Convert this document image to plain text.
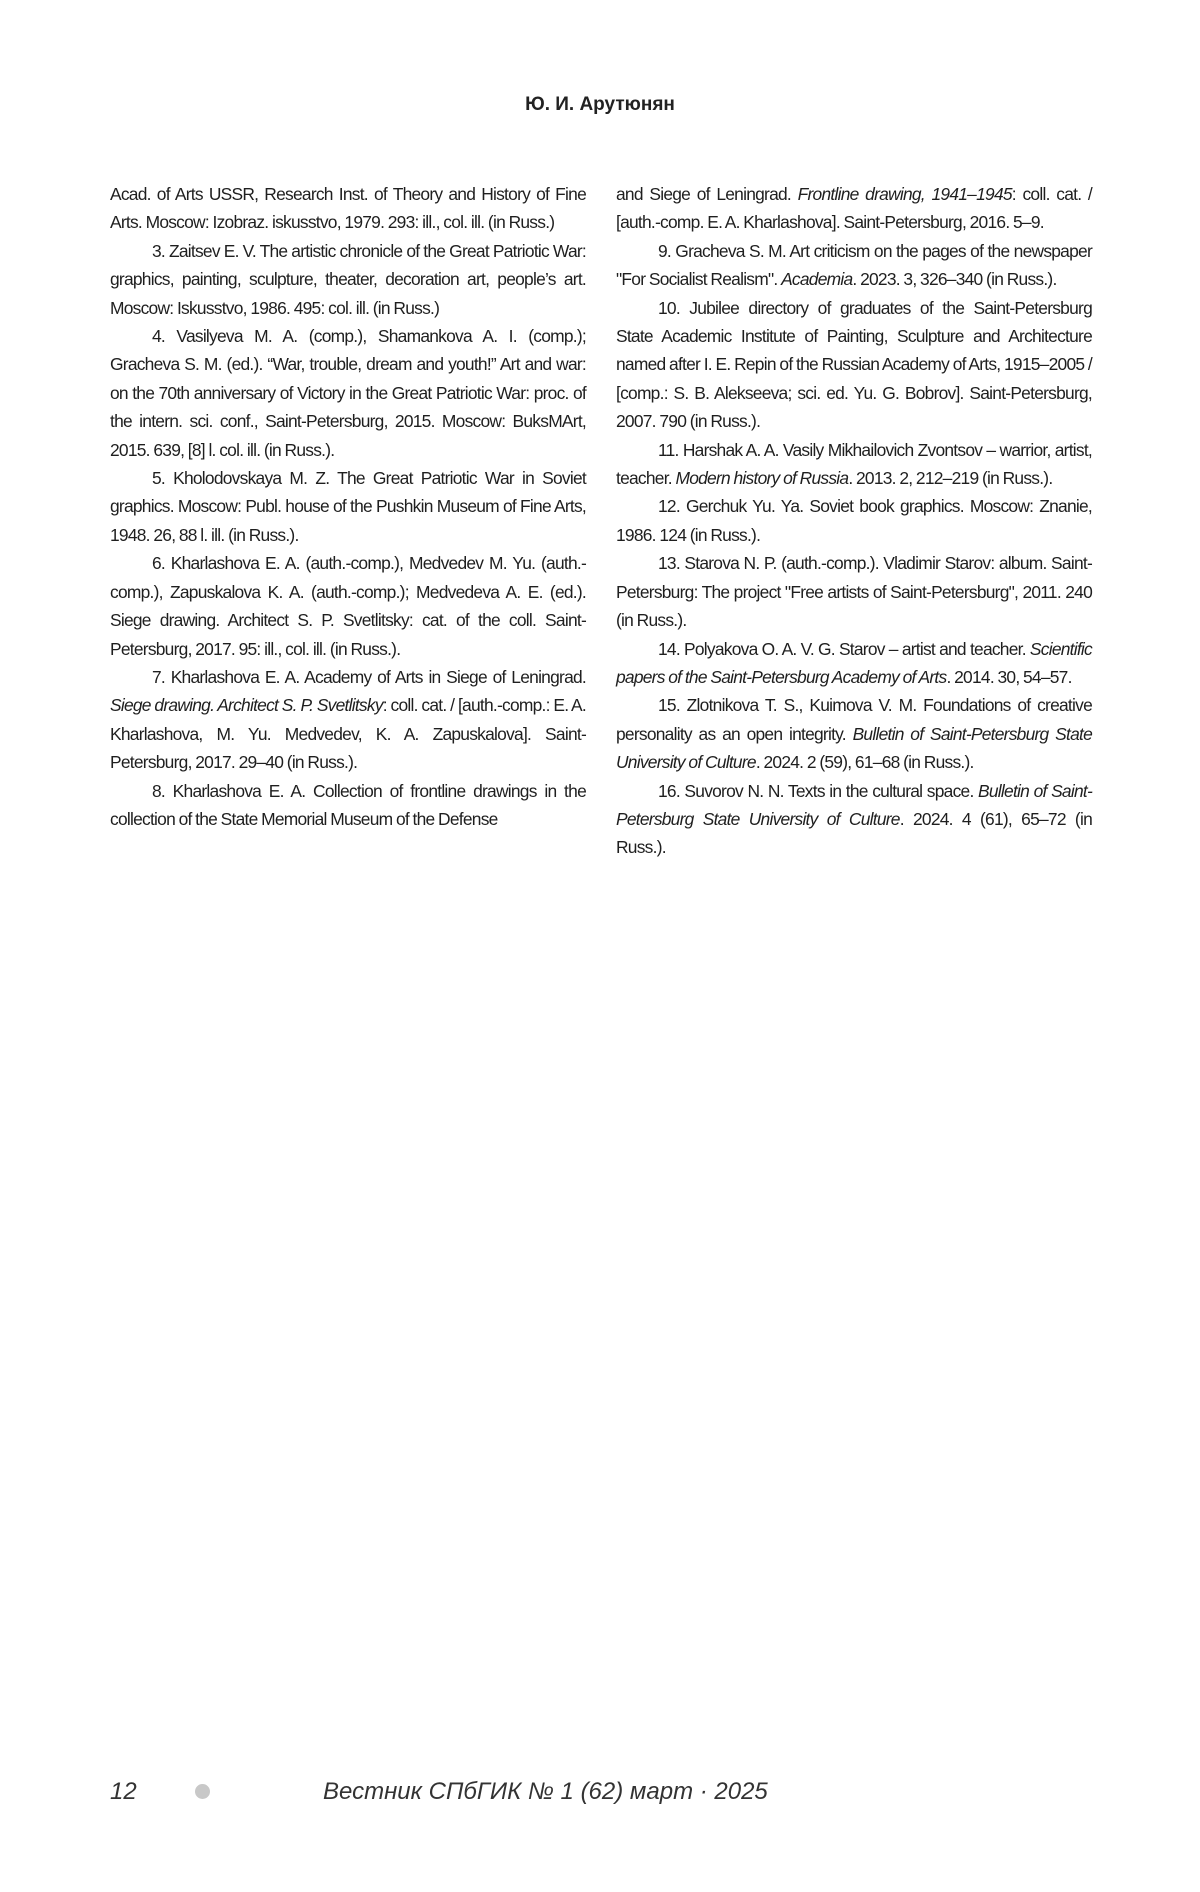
Ю. И. Арутюнян

Acad. of Arts USSR, Research Inst. of Theory and History of Fine Arts. Moscow: Izobraz. iskusstvo, 1979. 293: ill., col. ill. (in Russ.)

3. Zaitsev E. V. The artistic chronicle of the Great Patriotic War: graphics, painting, sculpture, theater, decoration art, people’s art. Moscow: Iskusstvo, 1986. 495: col. ill. (in Russ.)

4. Vasilyeva M. A. (comp.), Shamankova A. I. (comp.); Gracheva S. M. (ed.). “War, trouble, dream and youth!” Art and war: on the 70th anniversary of Victory in the Great Patriotic War: proc. of the intern. sci. conf., Saint-Petersburg, 2015. Moscow: BuksMArt, 2015. 639, [8] l. col. ill. (in Russ.).

5. Kholodovskaya M. Z. The Great Patriotic War in Soviet graphics. Moscow: Publ. house of the Pushkin Museum of Fine Arts, 1948. 26, 88 l. ill. (in Russ.).

6. Kharlashova E. A. (auth.-comp.), Medvedev M. Yu. (auth.-comp.), Zapuskalova K. A. (auth.-comp.); Medvedeva A. E. (ed.). Siege drawing. Architect S. P. Svetlitsky: cat. of the coll. Saint-Petersburg, 2017. 95: ill., col. ill. (in Russ.).

7. Kharlashova E. A. Academy of Arts in Siege of Leningrad. Siege drawing. Architect S. P. Svetlitsky: coll. cat. / [auth.-comp.: E. A. Kharlashova, M. Yu. Medvedev, K. A. Zapuskalova]. Saint-Petersburg, 2017. 29–40 (in Russ.).

8. Kharlashova E. A. Collection of frontline drawings in the collection of the State Memorial Museum of the Defense

and Siege of Leningrad. Frontline drawing, 1941–1945: coll. cat. / [auth.-comp. E. A. Kharlashova]. Saint-Petersburg, 2016. 5–9.

9. Gracheva S. M. Art criticism on the pages of the newspaper "For Socialist Realism". Academia. 2023. 3, 326–340 (in Russ.).

10. Jubilee directory of graduates of the Saint-Petersburg State Academic Institute of Painting, Sculpture and Architecture named after I. E. Repin of the Russian Academy of Arts, 1915–2005 / [comp.: S. B. Alekseeva; sci. ed. Yu. G. Bobrov]. Saint-Petersburg, 2007. 790 (in Russ.).

11. Harshak A. A. Vasily Mikhailovich Zvontsov – warrior, artist, teacher. Modern history of Russia. 2013. 2, 212–219 (in Russ.).

12. Gerchuk Yu. Ya. Soviet book graphics. Moscow: Znanie, 1986. 124 (in Russ.).

13. Starova N. P. (auth.-comp.). Vladimir Starov: album. Saint-Petersburg: The project "Free artists of Saint-Petersburg", 2011. 240 (in Russ.).

14. Polyakova O. A. V. G. Starov – artist and teacher. Scientific papers of the Saint-Petersburg Academy of Arts. 2014. 30, 54–57.

15. Zlotnikova T. S., Kuimova V. M. Foundations of creative personality as an open integrity. Bulletin of Saint-Petersburg State University of Culture. 2024. 2 (59), 61–68 (in Russ.).

16. Suvorov N. N. Texts in the cultural space. Bulletin of Saint-Petersburg State University of Culture. 2024. 4 (61), 65–72 (in Russ.).

12	Вестник СПбГИК № 1 (62) март · 2025
